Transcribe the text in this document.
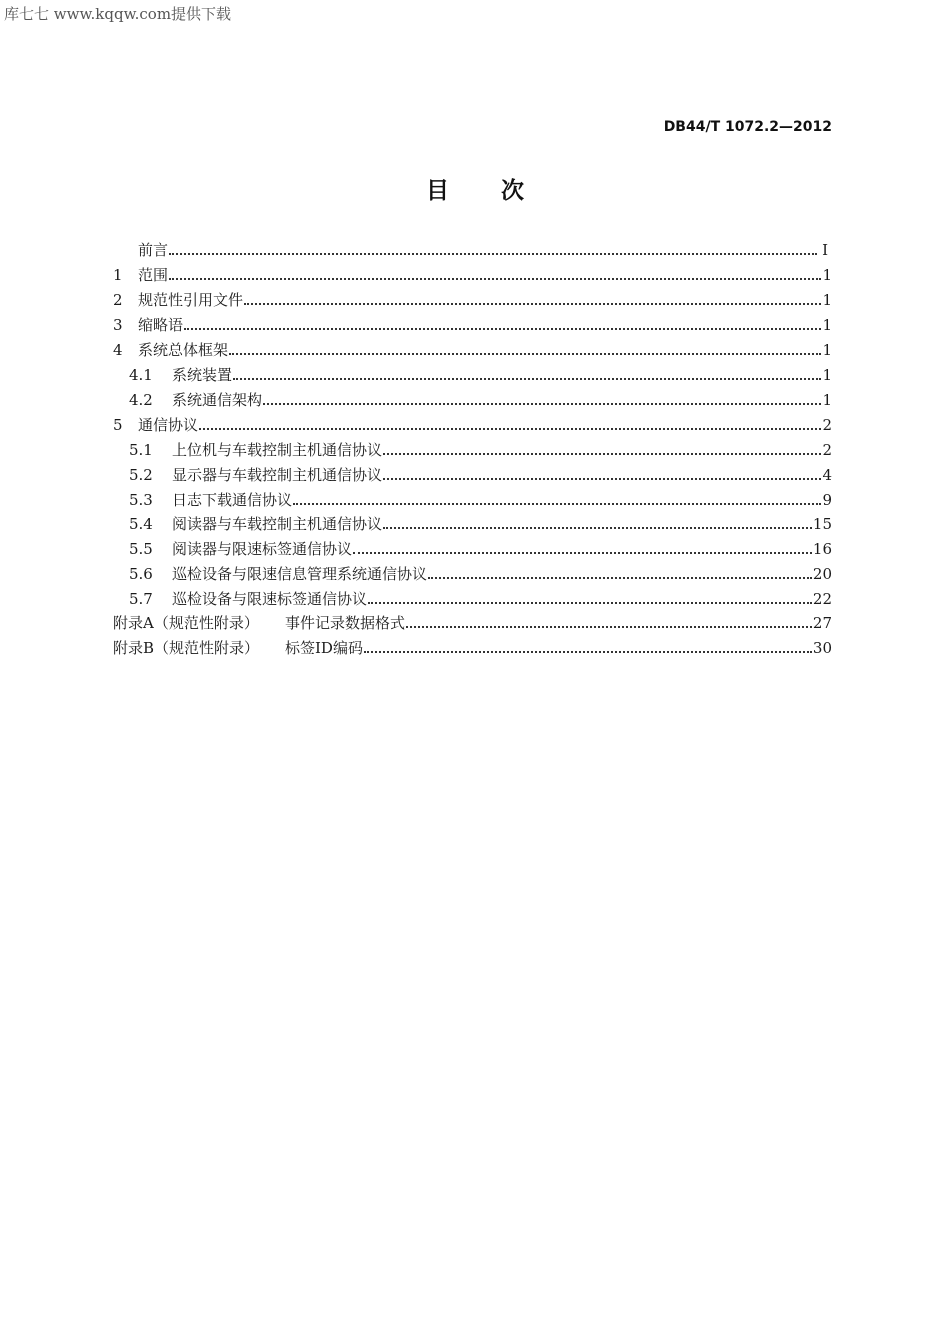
库七七 www.kqqw.com提供下载
DB44/T 1072.2—2012
目 次
前言	I
1	范围	1
2	规范性引用文件	1
3	缩略语	1
4	系统总体框架	1
4.1	系统装置	1
4.2	系统通信架构	1
5	通信协议	2
5.1	上位机与车载控制主机通信协议	2
5.2	显示器与车载控制主机通信协议	4
5.3	日志下载通信协议	9
5.4	阅读器与车载控制主机通信协议	15
5.5	阅读器与限速标签通信协议	16
5.6	巡检设备与限速信息管理系统通信协议	20
5.7	巡检设备与限速标签通信协议	22
附录A（规范性附录）	事件记录数据格式	27
附录B（规范性附录）	标签ID编码	30
